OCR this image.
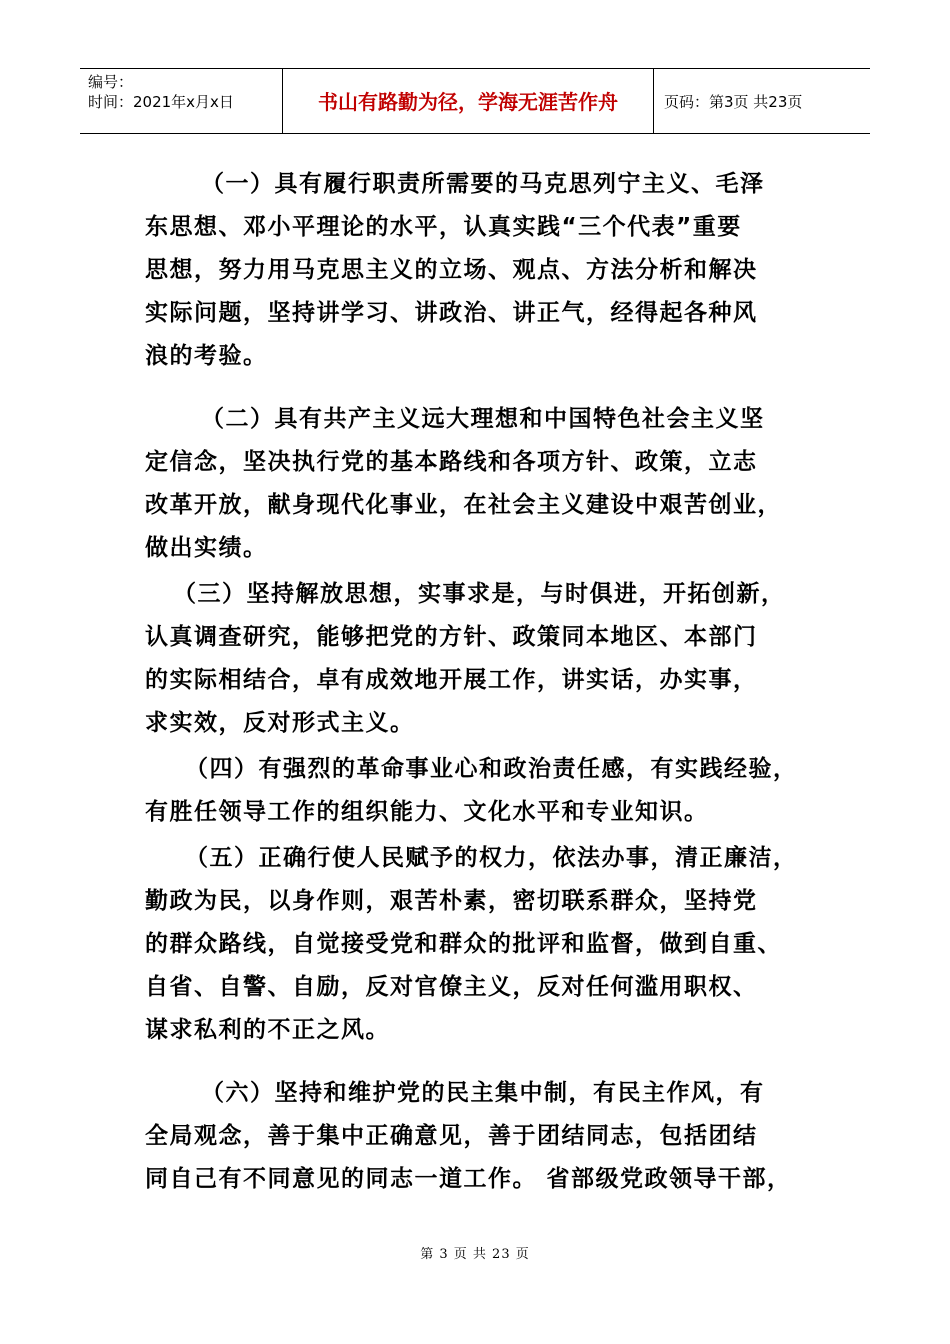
编号：
时间：2021年x月x日	书山有路勤为径，学海无涯苦作舟	页码：第3页 共23页

（一）具有履行职责所需要的马克思列宁主义、毛泽
东思想、邓小平理论的水平，认真实践“三个代表”重要
思想，努力用马克思主义的立场、观点、方法分析和解决
实际问题，坚持讲学习、讲政治、讲正气，经得起各种风
浪的考验。

（二）具有共产主义远大理想和中国特色社会主义坚
定信念，坚决执行党的基本路线和各项方针、政策，立志
改革开放，献身现代化事业，在社会主义建设中艰苦创业，
做出实绩。

（三）坚持解放思想，实事求是，与时俱进，开拓创新，
认真调查研究，能够把党的方针、政策同本地区、本部门
的实际相结合，卓有成效地开展工作，讲实话，办实事，
求实效，反对形式主义。

（四）有强烈的革命事业心和政治责任感，有实践经验，
有胜任领导工作的组织能力、文化水平和专业知识。

（五）正确行使人民赋予的权力，依法办事，清正廉洁，
勤政为民，以身作则，艰苦朴素，密切联系群众，坚持党
的群众路线，自觉接受党和群众的批评和监督，做到自重、
自省、自警、自励，反对官僚主义，反对任何滥用职权、
谋求私利的不正之风。

（六）坚持和维护党的民主集中制，有民主作风，有
全局观念，善于集中正确意见，善于团结同志，包括团结
同自己有不同意见的同志一道工作。 省部级党政领导干部，

第 3 页 共 23 页
